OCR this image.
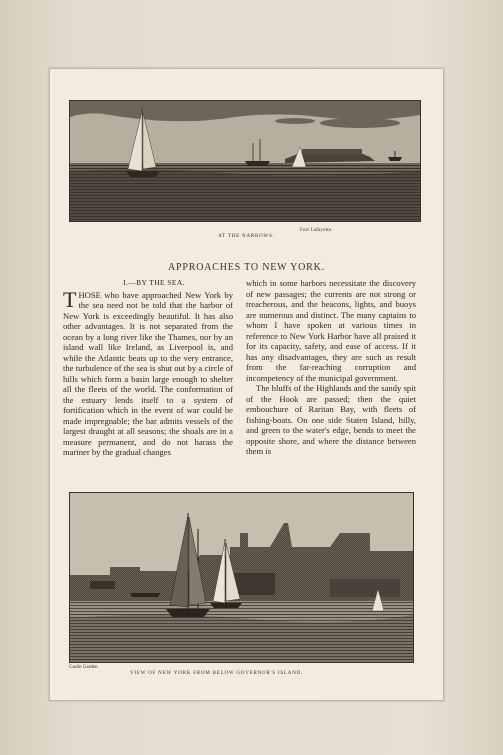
Fort Lafayette.
AT THE NARROWS.
APPROACHES TO NEW YORK.
I.—BY THE SEA.

THOSE who have approached New York by the sea need not be told that the harbor of New York is exceedingly beautiful. It has also other advantages. It is not separated from the ocean by a long river like the Thames, nor by an island wall like Ireland, as Liverpool is, and while the Atlantic beats up to the very entrance, the turbulence of the sea is shut out by a circle of hills which form a basin large enough to shelter all the fleets of the world. The conformation of the estuary lends itself to a system of fortification which in the event of war could be made impregnable; the bar admits vessels of the largest draught at all seasons; the shoals are in a measure permanent, and do not harass the mariner by the gradual changes

which in some harbors necessitate the discovery of new passages; the currents are not strong or treacherous, and the beacons, lights, and buoys are numerous and distinct. The many captains to whom I have spoken at various times in reference to New York Harbor have all praised it for its capacity, safety, and ease of access. If it has any disadvantages, they are such as result from the far-reaching corruption and incompetency of the municipal government.

The bluffs of the Highlands and the sandy spit of the Hook are passed; then the quiet embouchure of Raritan Bay, with fleets of fishing-boats. On one side Staten Island, hilly, and green to the water's edge, bends to meet the opposite shore, and where the distance between them is

Castle Garden.
VIEW OF NEW YORK FROM BELOW GOVERNOR'S ISLAND.
